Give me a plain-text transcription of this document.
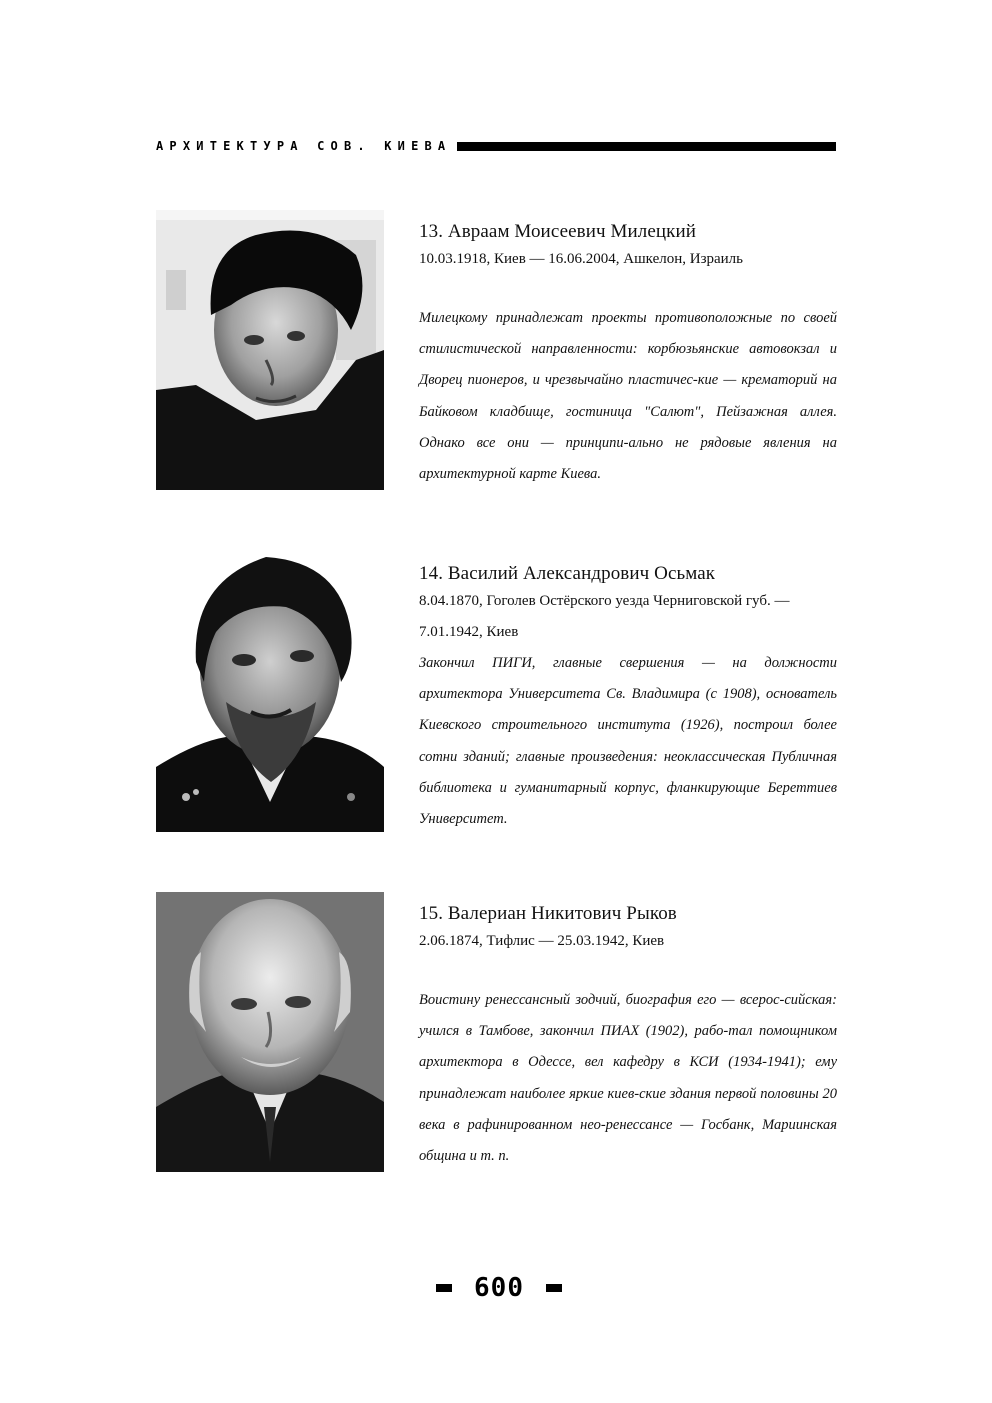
АРХИТЕКТУРА СОВ. КИЕВА

13. Авраам Моисеевич Милецкий

10.03.1918, Киев — 16.06.2004, Ашкелон, Израиль

Милецкому принадлежат проекты противоположные по своей стилистической направленности: корбюзьянские автовокзал и Дворец пионеров, и чрезвычайно пластичес-кие — крематорий на Байковом кладбище, гостиница "Салют", Пейзажная аллея. Однако все они — принципи-ально не рядовые явления на архитектурной карте Киева.

14. Василий Александрович Осьмак

8.04.1870, Гоголев Остёрского уезда Черниговской губ. — 7.01.1942, Киев

Закончил ПИГИ, главные свершения — на должности архитектора Университета Св. Владимира (с 1908), основатель Киевского строительного института (1926), построил более сотни зданий; главные произведения: неоклассическая Публичная библиотека и гуманитарный корпус, фланкирующие Береттиев Университет.

15. Валериан Никитович Рыков

2.06.1874, Тифлис — 25.03.1942, Киев

Воистину ренессансный зодчий, биография его — всерос-сийская: учился в Тамбове, закончил ПИАХ (1902), рабо-тал помощником архитектора в Одессе, вел кафедру в КСИ (1934-1941); ему принадлежат наиболее яркие киев-ские здания первой половины 20 века в рафинированном нео-ренессансе — Госбанк, Мариинская община и т. п.

600
